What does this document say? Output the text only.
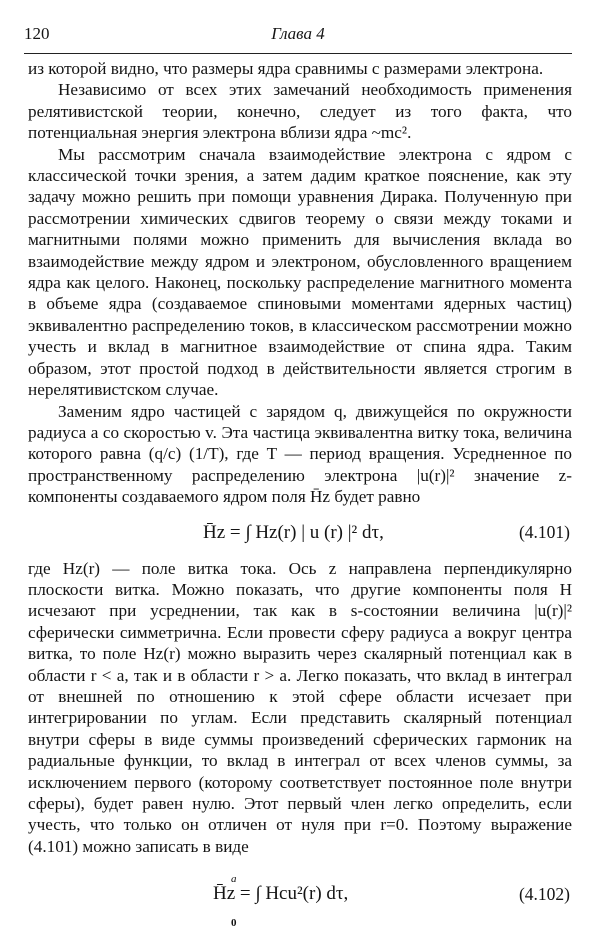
120	Глава 4

из которой видно, что размеры ядра сравнимы с размерами электрона.

Независимо от всех этих замечаний необходимость применения релятивистской теории, конечно, следует из того факта, что потенциальная энергия электрона вблизи ядра ~mc².

Мы рассмотрим сначала взаимодействие электрона с ядром с классической точки зрения, а затем дадим краткое пояснение, как эту задачу можно решить при помощи уравнения Дирака. Полученную при рассмотрении химических сдвигов теорему о связи между токами и магнитными полями можно применить для вычисления вклада во взаимодействие между ядром и электроном, обусловленного вращением ядра как целого. Наконец, поскольку распределение магнитного момента в объеме ядра (создаваемое спиновыми моментами ядерных частиц) эквивалентно распределению токов, в классическом рассмотрении можно учесть и вклад в магнитное взаимодействие от спина ядра. Таким образом, этот простой подход в действительности является строгим в нерелятивистском случае.

Заменим ядро частицей с зарядом q, движущейся по окружности радиуса a со скоростью v. Эта частица эквивалентна витку тока, величина которого равна (q/c) (1/T), где T — период вращения. Усредненное по пространственному распределению электрона |u(r)|² значение z-компоненты создаваемого ядром поля H̄z будет равно

H̄z = ∫ Hz(r) | u (r) |² dτ,	(4.101)

где Hz(r) — поле витка тока. Ось z направлена перпендикулярно плоскости витка. Можно показать, что другие компоненты поля H исчезают при усреднении, так как в s-состоянии величина |u(r)|² сферически симметрична. Если провести сферу радиуса a вокруг центра витка, то поле Hz(r) можно выразить через скалярный потенциал как в области r < a, так и в области r > a. Легко показать, что вклад в интеграл от внешней по отношению к этой сфере области исчезает при интегрировании по углам. Если представить скалярный потенциал внутри сферы в виде суммы произведений сферических гармоник на радиальные функции, то вклад в интеграл от всех членов суммы, за исключением первого (которому соответствует постоянное поле внутри сферы), будет равен нулю. Этот первый член легко определить, если учесть, что только он отличен от нуля при r=0. Поэтому выражение (4.101) можно записать в виде

a
0
H̄z = ∫ Hcu²(r) dτ,	(4.102)
